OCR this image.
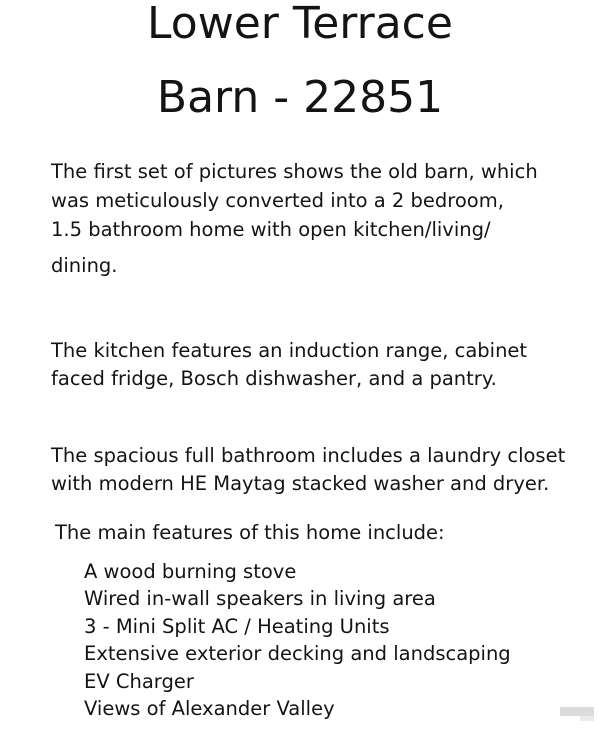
Lower Terrace
Barn - 22851
The first set of pictures shows the old barn, which
was meticulously converted into a 2 bedroom,
1.5 bathroom home with open kitchen/living/
dining.
The kitchen features an induction range, cabinet
faced fridge, Bosch dishwasher, and a pantry.
The spacious full bathroom includes a laundry closet
with modern HE Maytag stacked washer and dryer.

The main features of this home include:

A wood burning stove
Wired in-wall speakers in living area
3 - Mini Split AC / Heating Units
Extensive exterior decking and landscaping
EV Charger
Views of Alexander Valley
